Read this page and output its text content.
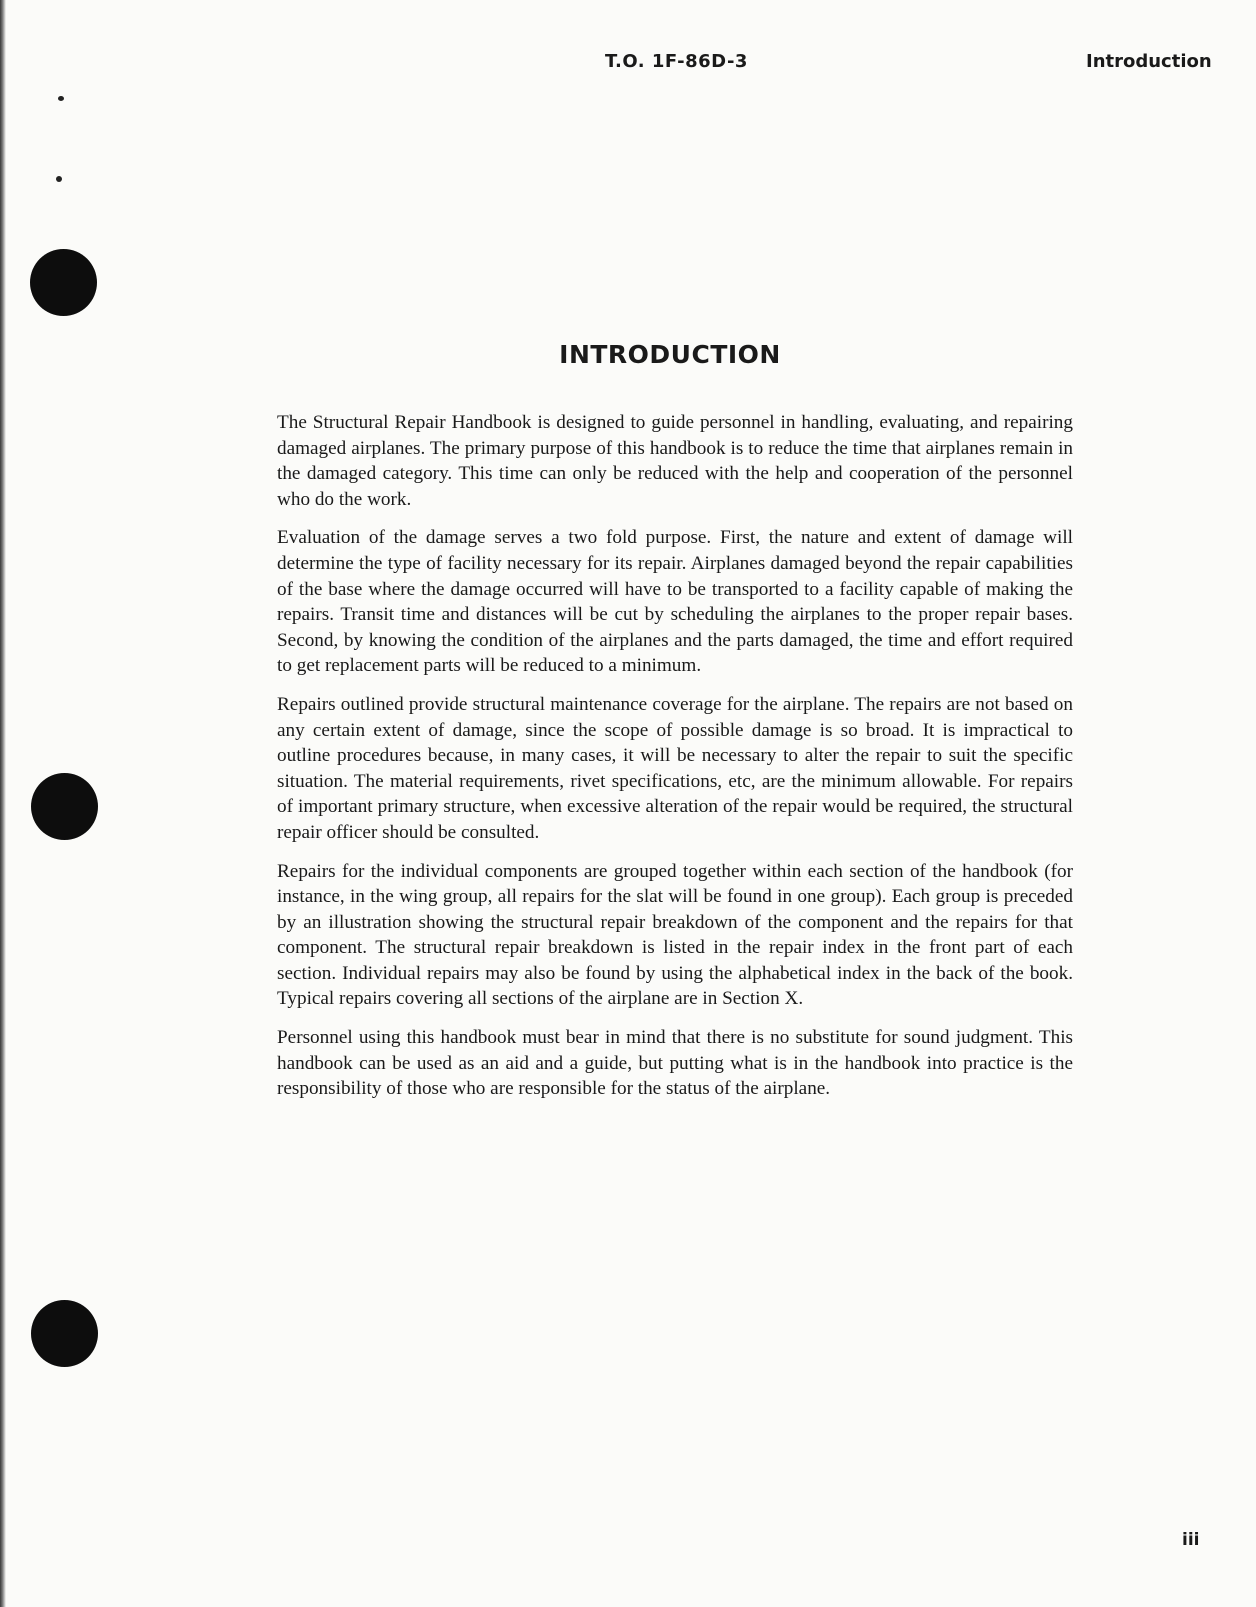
T.O. 1F-86D-3	Introduction
INTRODUCTION

The Structural Repair Handbook is designed to guide personnel in handling, evaluating, and repairing damaged airplanes. The primary purpose of this handbook is to reduce the time that airplanes remain in the damaged category. This time can only be reduced with the help and cooperation of the personnel who do the work.

Evaluation of the damage serves a two fold purpose. First, the nature and extent of damage will determine the type of facility necessary for its repair. Airplanes damaged beyond the repair capabilities of the base where the damage occurred will have to be transported to a facility capable of making the repairs. Transit time and distances will be cut by scheduling the airplanes to the proper repair bases. Second, by knowing the condition of the airplanes and the parts damaged, the time and effort required to get replacement parts will be reduced to a minimum.

Repairs outlined provide structural maintenance coverage for the airplane. The repairs are not based on any certain extent of damage, since the scope of possible damage is so broad. It is impractical to outline procedures because, in many cases, it will be necessary to alter the repair to suit the specific situation. The material requirements, rivet specifications, etc, are the minimum allowable. For repairs of important primary structure, when excessive alteration of the repair would be required, the structural repair officer should be consulted.

Repairs for the individual components are grouped together within each section of the handbook (for instance, in the wing group, all repairs for the slat will be found in one group). Each group is preceded by an illustration showing the structural repair breakdown of the component and the repairs for that component. The structural repair breakdown is listed in the repair index in the front part of each section. Individual repairs may also be found by using the alphabetical index in the back of the book. Typical repairs covering all sections of the airplane are in Section X.

Personnel using this handbook must bear in mind that there is no substitute for sound judgment. This handbook can be used as an aid and a guide, but putting what is in the handbook into practice is the responsibility of those who are responsible for the status of the airplane.

iii
